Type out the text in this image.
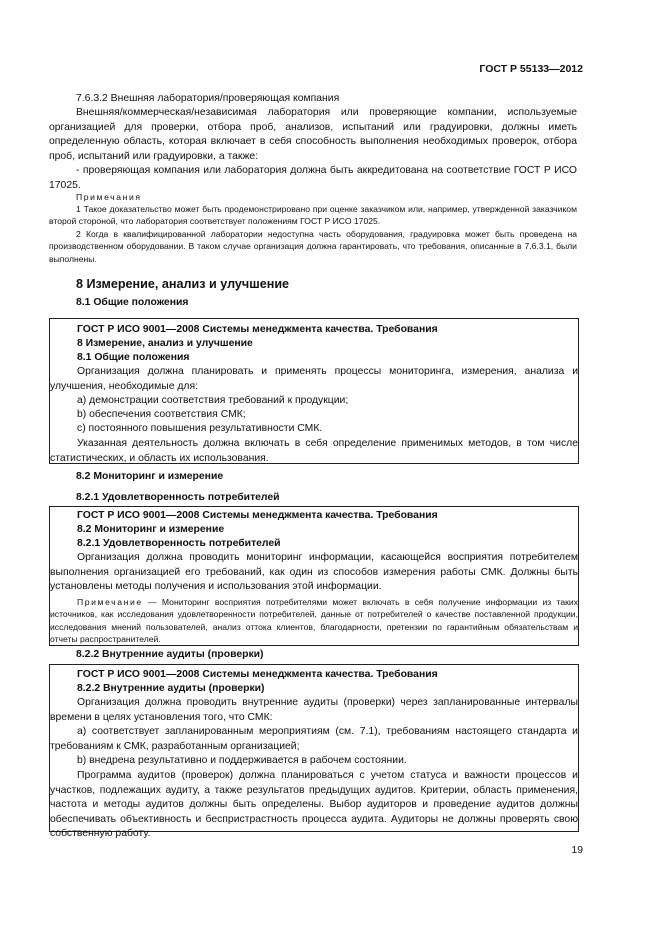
ГОСТ Р 55133—2012
7.6.3.2 Внешняя лаборатория/проверяющая компания
Внешняя/коммерческая/независимая лаборатория или проверяющие компании, используемые организацией для проверки, отбора проб, анализов, испытаний или градуировки, должны иметь определенную область, которая включает в себя способность выполнения необходимых проверок, отбора проб, испытаний или градуировки, а также:
- проверяющая компания или лаборатория должна быть аккредитована на соответствие ГОСТ Р ИСО 17025.
Примечания
1 Такое доказательство может быть продемонстрировано при оценке заказчиком или, например, утвержденной заказчиком второй стороной, что лаборатория соответствует положениям ГОСТ Р ИСО 17025.
2 Когда в квалифицированной лаборатории недоступна часть оборудования, градуировка может быть проведена на производственном оборудовании. В таком случае организация должна гарантировать, что требования, описанные в 7.6.3.1, были выполнены.
8 Измерение, анализ и улучшение
8.1 Общие положения
ГОСТ Р ИСО 9001—2008 Системы менеджмента качества. Требования
8 Измерение, анализ и улучшение
8.1 Общие положения
Организация должна планировать и применять процессы мониторинга, измерения, анализа и улучшения, необходимые для:
a) демонстрации соответствия требований к продукции;
b) обеспечения соответствия СМК;
c) постоянного повышения результативности СМК.
Указанная деятельность должна включать в себя определение применимых методов, в том числе статистических, и область их использования.
8.2 Мониторинг и измерение
8.2.1 Удовлетворенность потребителей
ГОСТ Р ИСО 9001—2008 Системы менеджмента качества. Требования
8.2 Мониторинг и измерение
8.2.1 Удовлетворенность потребителей
Организация должна проводить мониторинг информации, касающейся восприятия потребителем выполнения организацией его требований, как один из способов измерения работы СМК. Должны быть установлены методы получения и использования этой информации.
Примечание — Мониторинг восприятия потребителями может включать в себя получение информации из таких источников, как исследования удовлетворенности потребителей, данные от потребителей о качестве поставленной продукции, исследования мнений пользователей, анализ оттока клиентов, благодарности, претензии по гарантийным обязательствам и отчеты распространителей.
8.2.2 Внутренние аудиты (проверки)
ГОСТ Р ИСО 9001—2008 Системы менеджмента качества. Требования
8.2.2 Внутренние аудиты (проверки)
Организация должна проводить внутренние аудиты (проверки) через запланированные интервалы времени в целях установления того, что СМК:
a) соответствует запланированным мероприятиям (см. 7.1), требованиям настоящего стандарта и требованиям к СМК, разработанным организацией;
b) внедрена результативно и поддерживается в рабочем состоянии.
Программа аудитов (проверок) должна планироваться с учетом статуса и важности процессов и участков, подлежащих аудиту, а также результатов предыдущих аудитов. Критерии, область применения, частота и методы аудитов должны быть определены. Выбор аудиторов и проведение аудитов должны обеспечивать объективность и беспристрастность процесса аудита. Аудиторы не должны проверять свою собственную работу.
19
